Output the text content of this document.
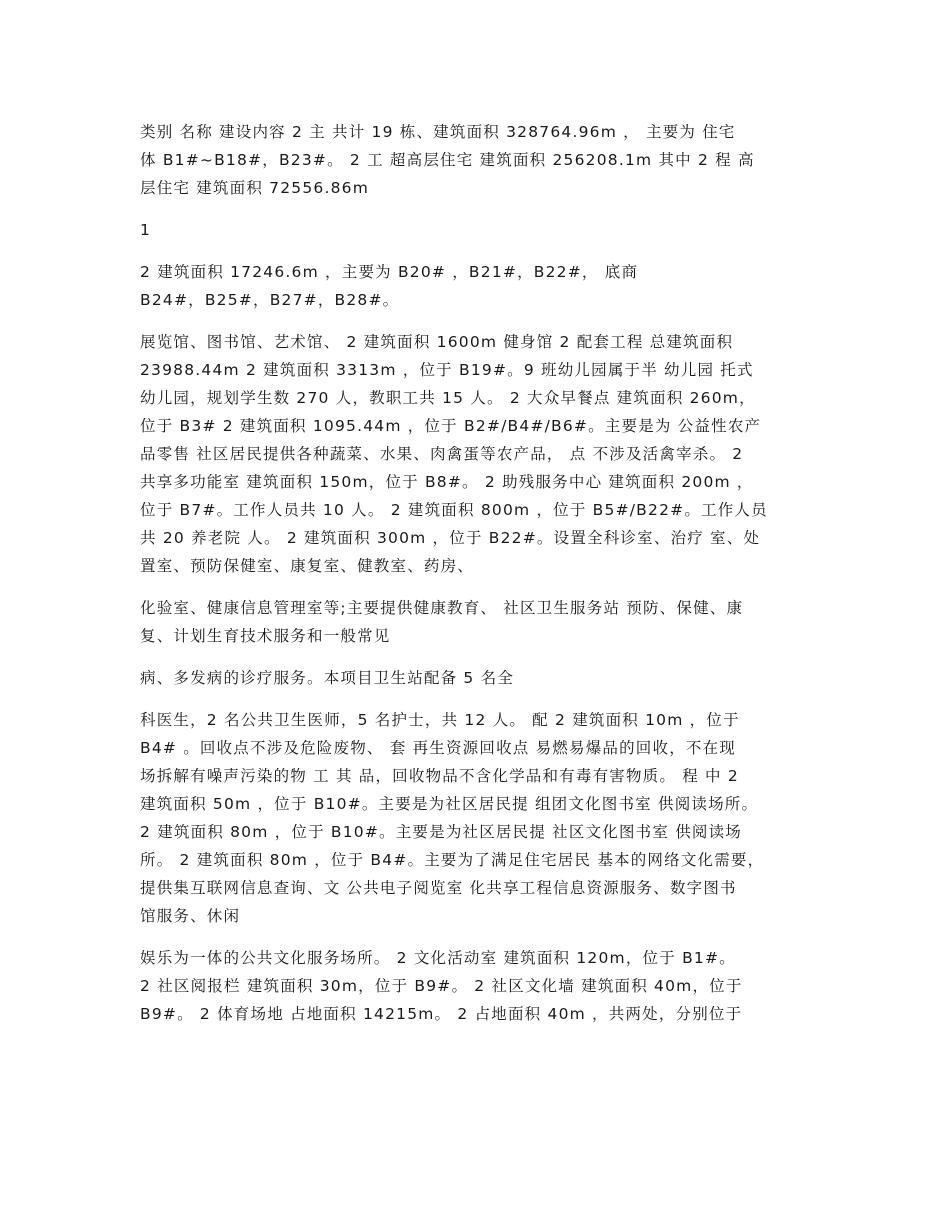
类别 名称 建设内容 2 主 共计 19 栋、建筑面积 328764.96m ， 主要为 住宅
体 B1#~B18#，B23#。 2 工 超高层住宅 建筑面积 256208.1m 其中 2 程 高
层住宅 建筑面积 72556.86m

1

2 建筑面积 17246.6m ，主要为 B20# ，B21#，B22#， 底商
B24#，B25#，B27#，B28#。

展览馆、图书馆、艺术馆、 2 建筑面积 1600m 健身馆 2 配套工程 总建筑面积
23988.44m 2 建筑面积 3313m ，位于 B19#。9 班幼儿园属于半 幼儿园 托式
幼儿园，规划学生数 270 人，教职工共 15 人。 2 大众早餐点 建筑面积 260m，
位于 B3# 2 建筑面积 1095.44m ，位于 B2#/B4#/B6#。主要是为 公益性农产
品零售 社区居民提供各种蔬菜、水果、肉禽蛋等农产品， 点 不涉及活禽宰杀。 2
共享多功能室 建筑面积 150m，位于 B8#。 2 助残服务中心 建筑面积 200m ，
位于 B7#。工作人员共 10 人。 2 建筑面积 800m ，位于 B5#/B22#。工作人员
共 20 养老院 人。 2 建筑面积 300m ，位于 B22#。设置全科诊室、治疗 室、处
置室、预防保健室、康复室、健教室、药房、

化验室、健康信息管理室等;主要提供健康教育、 社区卫生服务站 预防、保健、康
复、计划生育技术服务和一般常见

病、多发病的诊疗服务。本项目卫生站配备 5 名全

科医生，2 名公共卫生医师，5 名护士，共 12 人。 配 2 建筑面积 10m ，位于
B4# 。回收点不涉及危险废物、 套 再生资源回收点 易燃易爆品的回收，不在现
场拆解有噪声污染的物 工 其 品，回收物品不含化学品和有毒有害物质。 程 中 2
建筑面积 50m ，位于 B10#。主要是为社区居民提 组团文化图书室 供阅读场所。
2 建筑面积 80m ，位于 B10#。主要是为社区居民提 社区文化图书室 供阅读场
所。 2 建筑面积 80m ，位于 B4#。主要为了满足住宅居民 基本的网络文化需要，
提供集互联网信息查询、文 公共电子阅览室 化共享工程信息资源服务、数字图书
馆服务、休闲

娱乐为一体的公共文化服务场所。 2 文化活动室 建筑面积 120m，位于 B1#。
2 社区阅报栏 建筑面积 30m，位于 B9#。 2 社区文化墙 建筑面积 40m，位于
B9#。 2 体育场地 占地面积 14215m。 2 占地面积 40m ，共两处，分别位于
